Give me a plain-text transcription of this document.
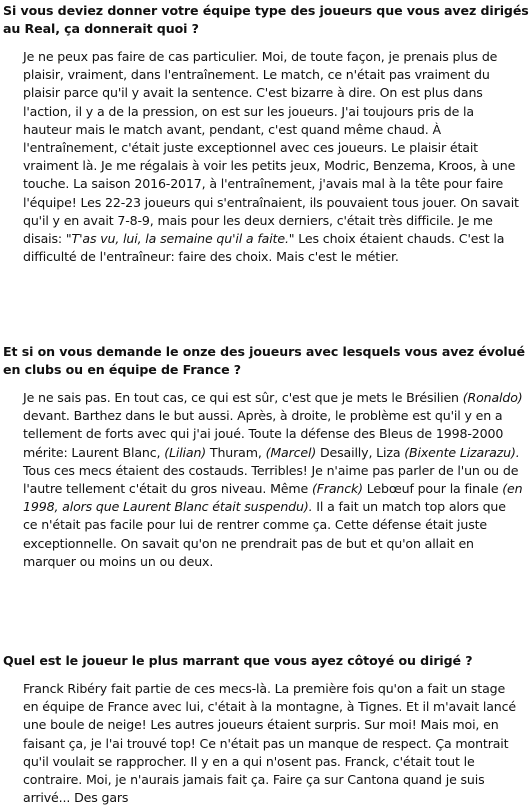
Si vous deviez donner votre équipe type des joueurs que vous avez dirigés au Real, ça donnerait quoi ?

Je ne peux pas faire de cas particulier. Moi, de toute façon, je prenais plus de plaisir, vraiment, dans l'entraînement. Le match, ce n'était pas vraiment du plaisir parce qu'il y avait la sentence. C'est bizarre à dire. On est plus dans l'action, il y a de la pression, on est sur les joueurs. J'ai toujours pris de la hauteur mais le match avant, pendant, c'est quand même chaud. À l'entraînement, c'était juste exceptionnel avec ces joueurs. Le plaisir était vraiment là. Je me régalais à voir les petits jeux, Modric, Benzema, Kroos, à une touche. La saison 2016-2017, à l'entraînement, j'avais mal à la tête pour faire l'équipe! Les 22-23 joueurs qui s'entraînaient, ils pouvaient tous jouer. On savait qu'il y en avait 7-8-9, mais pour les deux derniers, c'était très difficile. Je me disais: "T'as vu, lui, la semaine qu'il a faite." Les choix étaient chauds. C'est la difficulté de l'entraîneur: faire des choix. Mais c'est le métier.

Et si on vous demande le onze des joueurs avec lesquels vous avez évolué en clubs ou en équipe de France ?

Je ne sais pas. En tout cas, ce qui est sûr, c'est que je mets le Brésilien (Ronaldo) devant. Barthez dans le but aussi. Après, à droite, le problème est qu'il y en a tellement de forts avec qui j'ai joué. Toute la défense des Bleus de 1998-2000 mérite: Laurent Blanc, (Lilian) Thuram, (Marcel) Desailly, Liza (Bixente Lizarazu). Tous ces mecs étaient des costauds. Terribles! Je n'aime pas parler de l'un ou de l'autre tellement c'était du gros niveau. Même (Franck) Lebœuf pour la finale (en 1998, alors que Laurent Blanc était suspendu). Il a fait un match top alors que ce n'était pas facile pour lui de rentrer comme ça. Cette défense était juste exceptionnelle. On savait qu'on ne prendrait pas de but et qu'on allait en marquer ou moins un ou deux.

Quel est le joueur le plus marrant que vous ayez côtoyé ou dirigé ?

Franck Ribéry fait partie de ces mecs-là. La première fois qu'on a fait un stage en équipe de France avec lui, c'était à la montagne, à Tignes. Et il m'avait lancé une boule de neige! Les autres joueurs étaient surpris. Sur moi! Mais moi, en faisant ça, je l'ai trouvé top! Ce n'était pas un manque de respect. Ça montrait qu'il voulait se rapprocher. Il y en a qui n'osent pas. Franck, c'était tout le contraire. Moi, je n'aurais jamais fait ça. Faire ça sur Cantona quand je suis arrivé... Des gars
